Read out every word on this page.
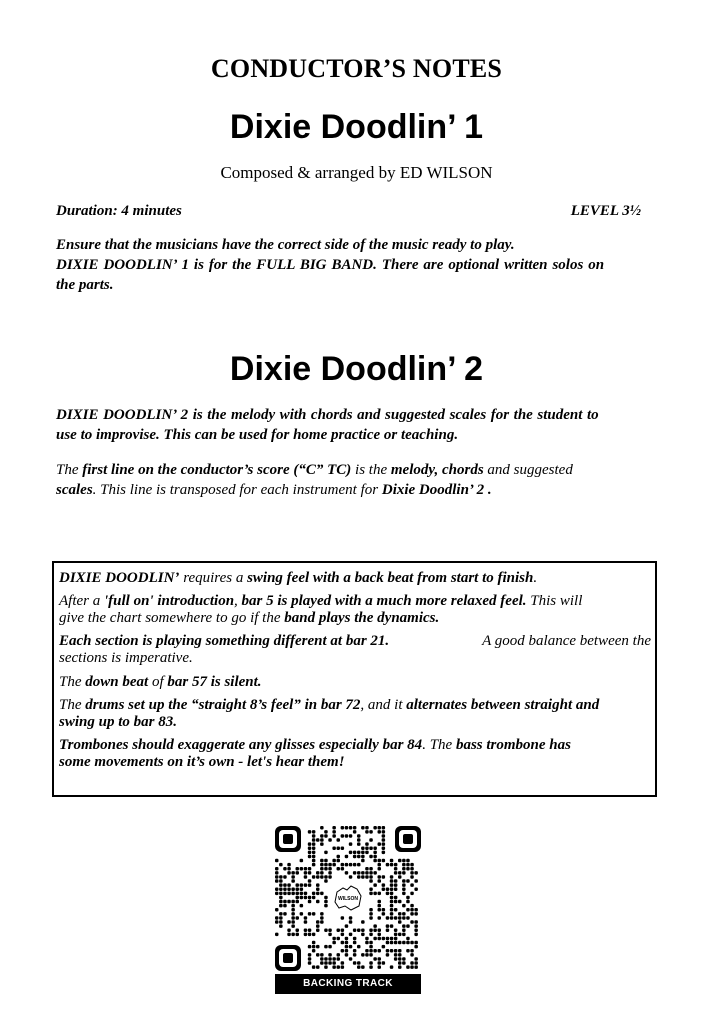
CONDUCTOR’S NOTES
Dixie Doodlin’ 1
Composed & arranged by ED WILSON
Duration: 4 minutes	LEVEL 3½
Ensure that the musicians have the correct side of the music ready to play.
DIXIE DOODLIN’ 1 is for the FULL BIG BAND. There are optional written solos on
the parts.
Dixie Doodlin’ 2
DIXIE DOODLIN’ 2 is the melody with chords and suggested scales for the student to
use to improvise. This can be used for home practice or teaching.
The first line on the conductor’s score (“C” TC) is the melody, chords and suggested
scales. This line is transposed for each instrument for Dixie Doodlin’ 2 .

DIXIE DOODLIN’ requires a swing feel with a back beat from start to finish.

After a 'full on' introduction, bar 5 is played with a much more relaxed feel. This will
give the chart somewhere to go if the band plays the dynamics.

Each section is playing something different at bar 21.	A good balance between the
sections is imperative.

The down beat of bar 57 is silent.

The drums set up the “straight 8’s feel” in bar 72, and it alternates between straight and
swing up to bar 83.

Trombones should exaggerate any glisses especially bar 84. The bass trombone has
some movements on it’s own - let's hear them!

WILSON
BACKING TRACK
